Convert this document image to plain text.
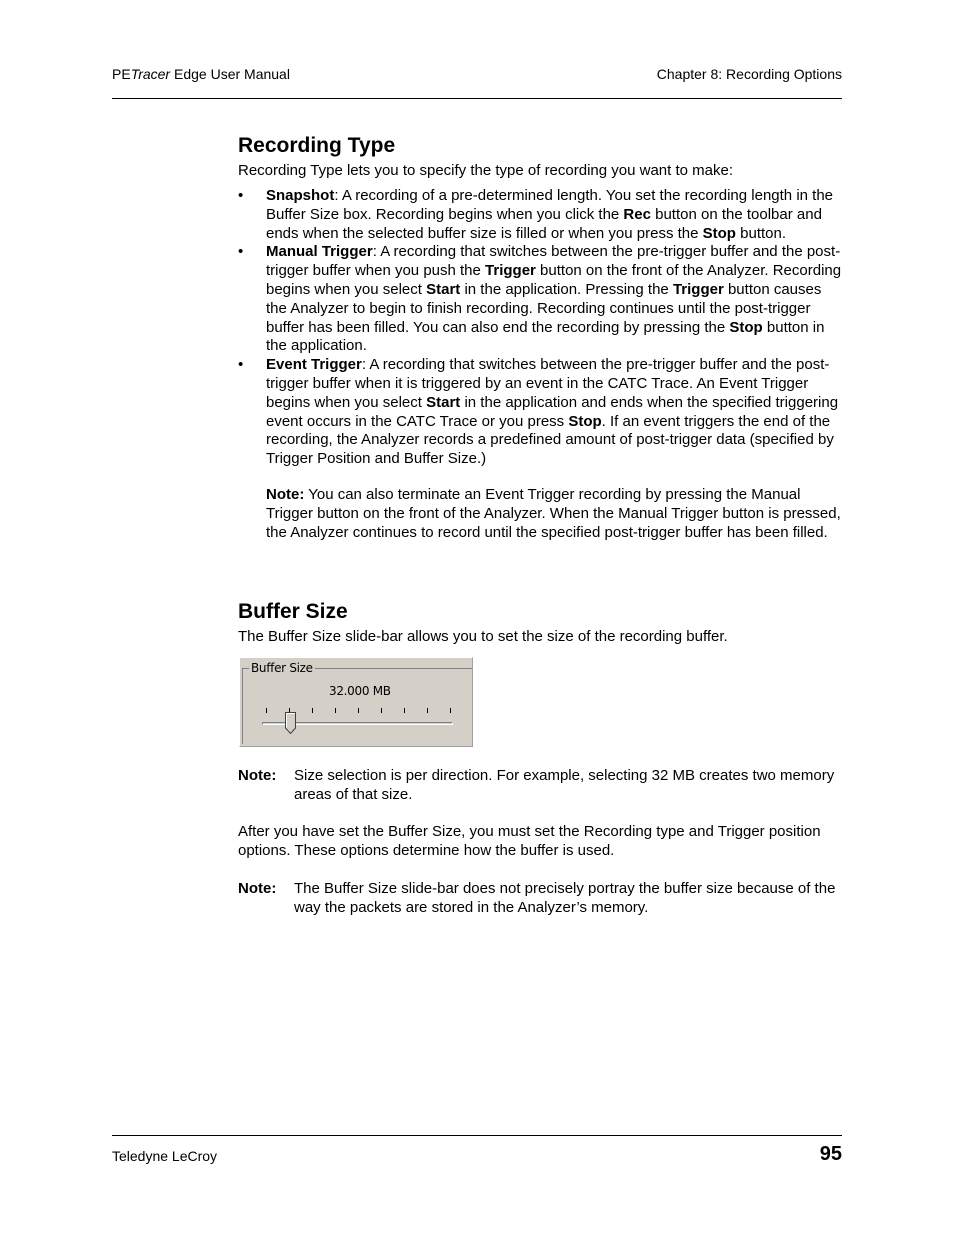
PETracer Edge User Manual	Chapter 8: Recording Options
Recording Type

Recording Type lets you to specify the type of recording you want to make:

• Snapshot: A recording of a pre-determined length. You set the recording length in the Buffer Size box. Recording begins when you click the Rec button on the toolbar and ends when the selected buffer size is filled or when you press the Stop button.
• Manual Trigger: A recording that switches between the pre-trigger buffer and the post-trigger buffer when you push the Trigger button on the front of the Analyzer. Recording begins when you select Start in the application. Pressing the Trigger button causes the Analyzer to begin to finish recording. Recording continues until the post-trigger buffer has been filled. You can also end the recording by pressing the Stop button in the application.
• Event Trigger: A recording that switches between the pre-trigger buffer and the post-trigger buffer when it is triggered by an event in the CATC Trace. An Event Trigger begins when you select Start in the application and ends when the specified triggering event occurs in the CATC Trace or you press Stop. If an event triggers the end of the recording, the Analyzer records a predefined amount of post-trigger data (specified by Trigger Position and Buffer Size.)
Note: You can also terminate an Event Trigger recording by pressing the Manual Trigger button on the front of the Analyzer. When the Manual Trigger button is pressed, the Analyzer continues to record until the specified post-trigger buffer has been filled.
Buffer Size

The Buffer Size slide-bar allows you to set the size of the recording buffer.

Buffer Size
32.000 MB
Note: Size selection is per direction. For example, selecting 32 MB creates two memory areas of that size.

After you have set the Buffer Size, you must set the Recording type and Trigger position options. These options determine how the buffer is used.

Note: The Buffer Size slide-bar does not precisely portray the buffer size because of the way the packets are stored in the Analyzer’s memory.
Teledyne LeCroy	95
